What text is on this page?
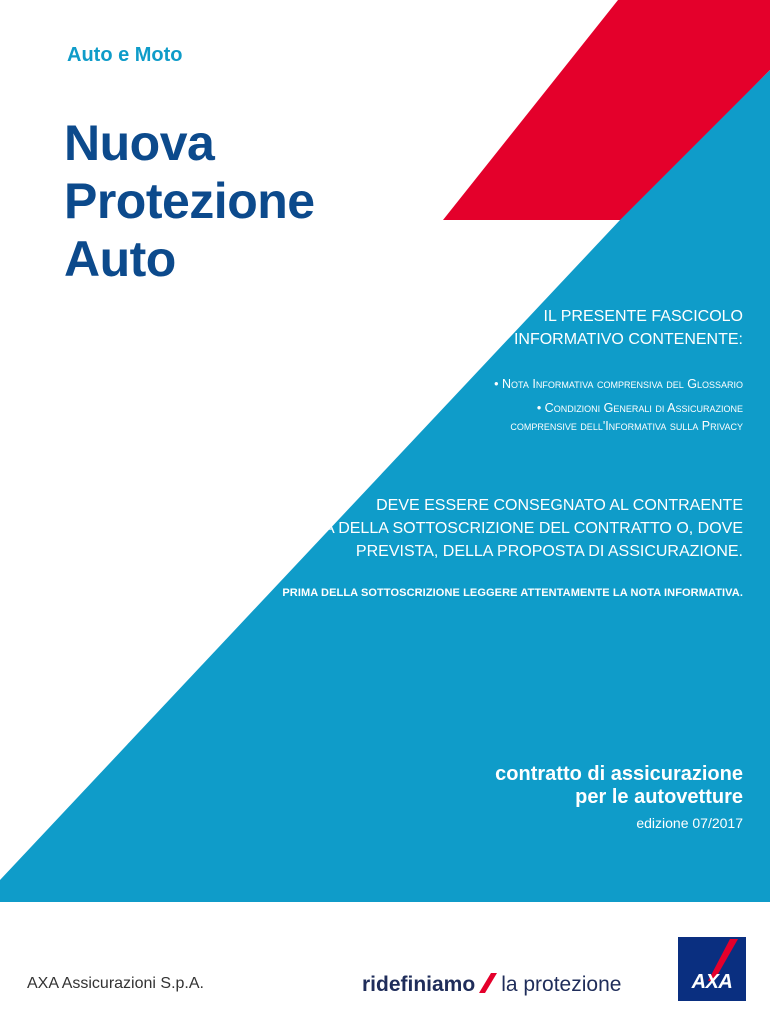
Auto e Moto
Nuova
Protezione
Auto
IL PRESENTE FASCICOLO
INFORMATIVO CONTENENTE:
• Nota Informativa comprensiva del Glossario
• Condizioni Generali di Assicurazione
comprensive dell'Informativa sulla Privacy
DEVE ESSERE CONSEGNATO AL CONTRAENTE
PRIMA DELLA SOTTOSCRIZIONE DEL CONTRATTO O, DOVE
PREVISTA, DELLA PROPOSTA DI ASSICURAZIONE.
PRIMA DELLA SOTTOSCRIZIONE LEGGERE ATTENTAMENTE LA NOTA INFORMATIVA.
contratto di assicurazione
per le autovetture
edizione 07/2017
AXA Assicurazioni S.p.A.	ridefiniamo la protezione	AXA
